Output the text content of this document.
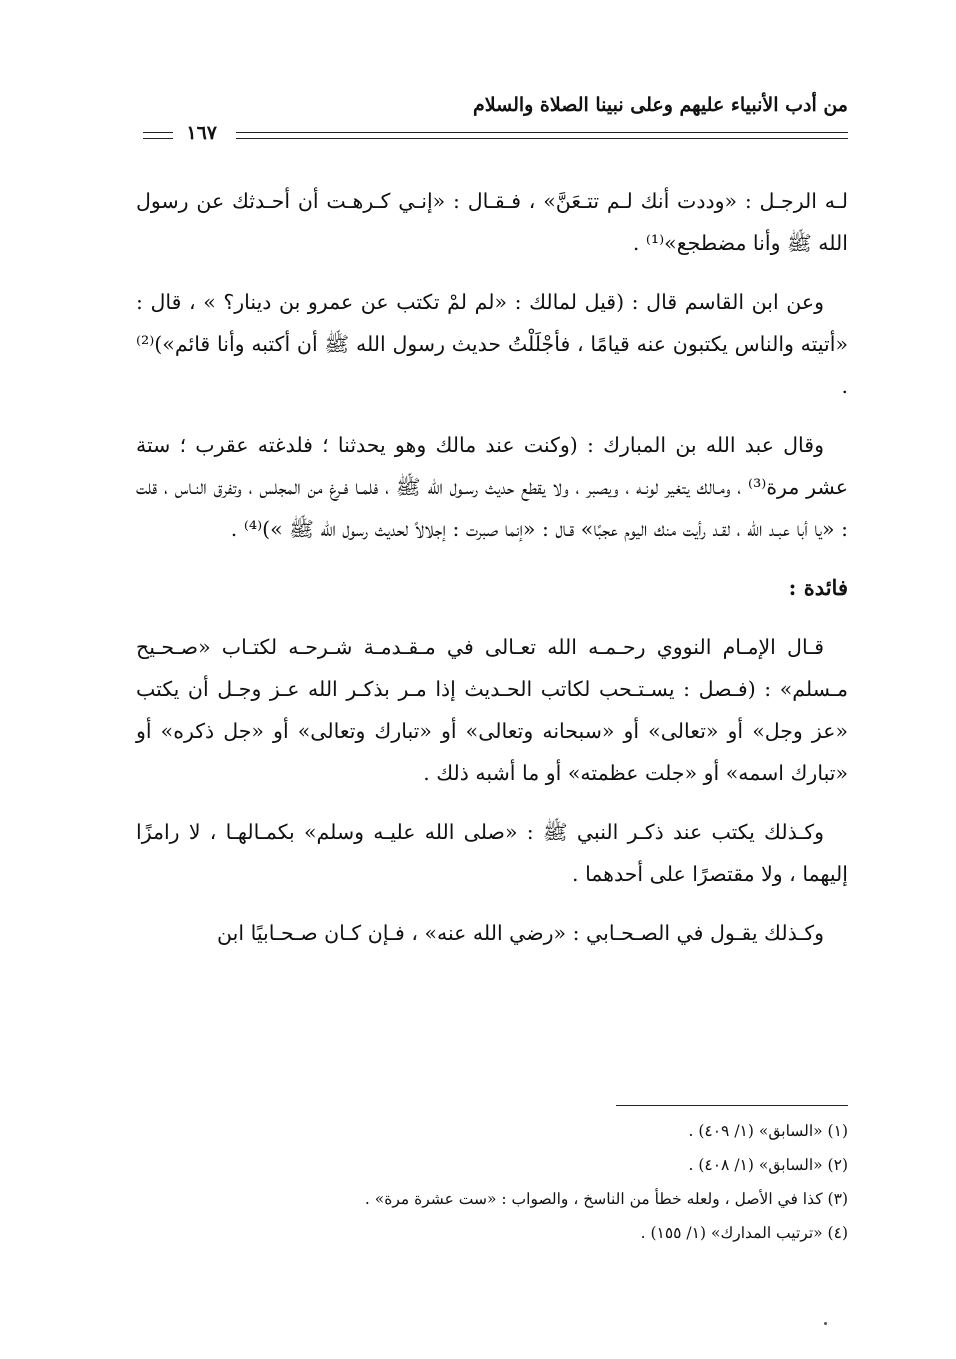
من أدب الأنبياء عليهم وعلى نبينا الصلاة والسلام
١٦٧

لـه الرجـل : «وددت أنك لـم تتـعَنَّ» ، فـقـال : «إنـي كـرهـت أن أحـدثك عن رسول الله ﷺ وأنا مضطجع»⁽¹⁾ .

وعن ابن القاسم قال : (قيل لمالك : «لم لمْ تكتب عن عمرو بن دينار؟ » ، قال : «أتيته والناس يكتبون عنه قيامًا ، فأجْلَلْتُ حديث رسول الله ﷺ أن أكتبه وأنا قائم»)⁽²⁾ .

وقال عبد الله بن المبارك : (وكنت عند مالك وهو يحدثنا ؛ فلدغته عقرب ؛ ستة عشر مرة⁽³⁾ ، ومـالك يتغير لونـه ، ويصبر ، ولا يقطع حديث رسـول الله ﷺ ، فلمـا فـرغ من المجلس ، وتفرق النـاس ، قلت : «يا أبا عبـد الله ، لقـد رأيت منك اليوم عجبًا» قـال : «إنما صبرت : إجلالاً لحديث رسول الله ﷺ »)⁽⁴⁾ .

فائدة :

قـال الإمـام النووي رحـمـه الله تعـالى في مـقـدمـة شـرحـه لكتـاب «صـحـيح مـسلم» : (فـصل : يسـتـحب لكاتب الحـديث إذا مـر بذكـر الله عـز وجـل أن يكتب «عز وجل» أو «تعالى» أو «سبحانه وتعالى» أو «تبارك وتعالى» أو «جل ذكره» أو «تبارك اسمه» أو «جلت عظمته» أو ما أشبه ذلك .

وكـذلك يكتب عند ذكـر النبي ﷺ : «صلى الله عليـه وسلم» بكمـالهـا ، لا رامزًا إليهما ، ولا مقتصرًا على أحدهما .

وكـذلك يقـول في الصـحـابي : «رضي الله عنه» ، فـإن كـان صـحـابيًا ابن

(١) «السابق» (١/ ٤٠٩) .
(٢) «السابق» (١/ ٤٠٨) .
(٣) كذا في الأصل ، ولعله خطأ من الناسخ ، والصواب : «ست عشرة مرة» .
(٤) «ترتيب المدارك» (١/ ١٥٥) .
